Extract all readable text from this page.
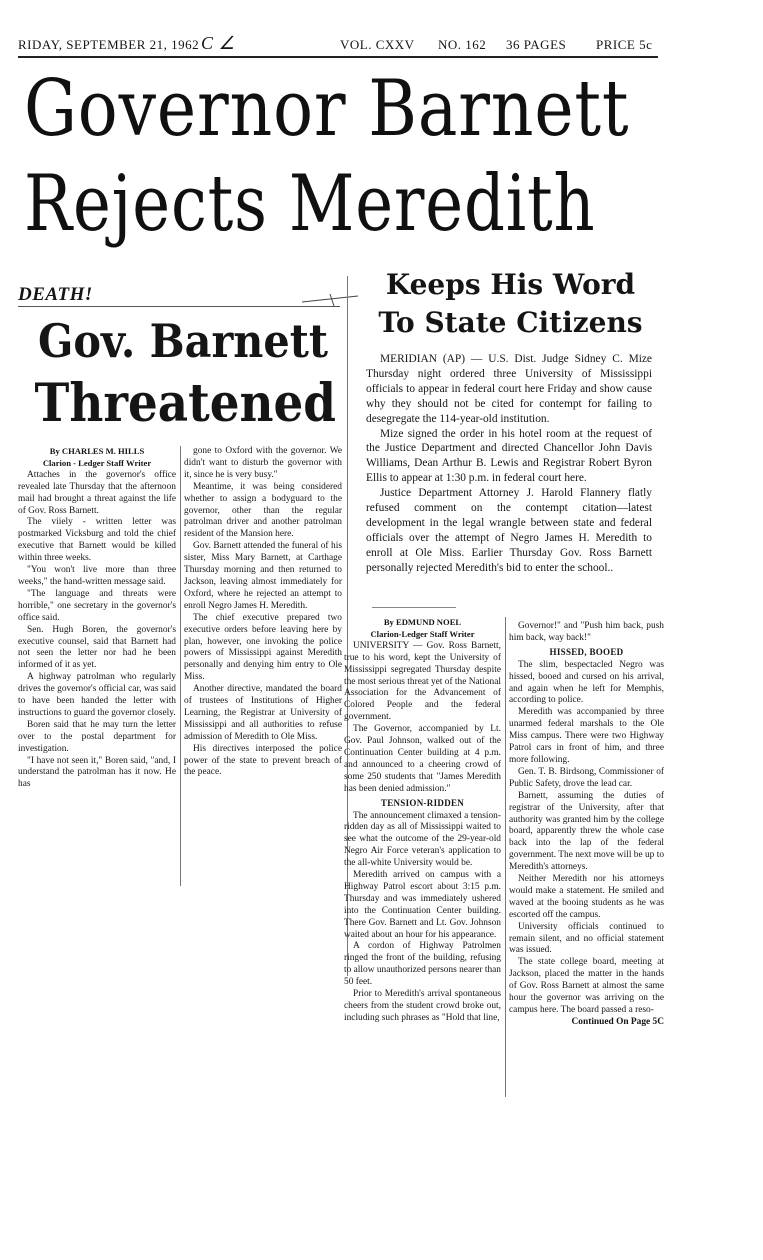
RIDAY, SEPTEMBER 21, 1962 C ∠	VOL. CXXV NO. 162 36 PAGES PRICE 5c
Governor Barnett
Rejects Meredith
DEATH!
Gov. Barnett
Threatened
By CHARLES M. HILLS
Clarion - Ledger Staff Writer

Attaches in the governor's office revealed late Thursday that the afternoon mail had brought a threat against the life of Gov. Ross Barnett.

The viiely - written letter was postmarked Vicksburg and told the chief executive that Barnett would be killed within three weeks.

"You won't live more than three weeks," the hand-written message said.

"The language and threats were horrible," one secretary in the governor's office said.

Sen. Hugh Boren, the governor's executive counsel, said that Barnett had not seen the letter nor had he been informed of it as yet.

A highway patrolman who regularly drives the governor's official car, was said to have been handed the letter with instructions to guard the governor closely.

Boren said that he may turn the letter over to the postal department for investigation.

"I have not seen it," Boren said, "and, I understand the patrolman has it now. He has

gone to Oxford with the governor. We didn't want to disturb the governor with it, since he is very busy."

Meantime, it was being considered whether to assign a bodyguard to the governor, other than the regular patrolman driver and another patrolman resident of the Mansion here.

Gov. Barnett attended the funeral of his sister, Miss Mary Barnett, at Carthage Thursday morning and then returned to Jackson, leaving almost immediately for Oxford, where he rejected an attempt to enroll Negro James H. Meredith.

The chief executive prepared two executive orders before leaving here by plan, however, one invoking the police powers of Mississippi against Meredith personally and denying him entry to Ole Miss.

Another directive, mandated the board of trustees of Institutions of Higher Learning, the Registrar at University of Mississippi and all authorities to refuse admission of Meredith to Ole Miss.

His directives interposed the police power of the state to prevent breach of the peace.

Keeps His Word
To State Citizens

MERIDIAN (AP) — U.S. Dist. Judge Sidney C. Mize Thursday night ordered three University of Mississippi officials to appear in federal court here Friday and show cause why they should not be cited for contempt for failing to desegregate the 114-year-old institution.

Mize signed the order in his hotel room at the request of the Justice Department and directed Chancellor John Davis Williams, Dean Arthur B. Lewis and Registrar Robert Byron Ellis to appear at 1:30 p.m. in federal court here.

Justice Department Attorney J. Harold Flannery flatly refused comment on the contempt citation—latest development in the legal wrangle between state and federal officials over the attempt of Negro James H. Meredith to enroll at Ole Miss. Earlier Thursday Gov. Ross Barnett personally rejected Meredith's bid to enter the school..

By EDMUND NOEL
Clarion-Ledger Staff Writer

UNIVERSITY — Gov. Ross Barnett, true to his word, kept the University of Mississippi segregated Thursday despite the most serious threat yet of the National Association for the Advancement of Colored People and the federal government.

The Governor, accompanied by Lt. Gov. Paul Johnson, walked out of the Continuation Center building at 4 p.m. and announced to a cheering crowd of some 250 students that "James Meredith has been denied admission."

TENSION-RIDDEN

The announcement climaxed a tension-ridden day as all of Mississippi waited to see what the outcome of the 29-year-old Negro Air Force veteran's application to the all-white University would be.

Meredith arrived on campus with a Highway Patrol escort about 3:15 p.m. Thursday and was immediately ushered into the Continuation Center building. There Gov. Barnett and Lt. Gov. Johnson waited about an hour for his appearance.

A cordon of Highway Patrolmen ringed the front of the building, refusing to allow unauthorized persons nearer than 50 feet.

Prior to Meredith's arrival spontaneous cheers from the student crowd broke out, including such phrases as "Hold that line,

Governor!" and "Push him back, push him back, way back!"

HISSED, BOOED

The slim, bespectacled Negro was hissed, booed and cursed on his arrival, and again when he left for Memphis, according to police.

Meredith was accompanied by three unarmed federal marshals to the Ole Miss campus. There were two Highway Patrol cars in front of him, and three more following.

Gen. T. B. Birdsong, Commissioner of Public Safety, drove the lead car.

Barnett, assuming the duties of registrar of the University, after that authority was granted him by the college board, apparently threw the whole case back into the lap of the federal government. The next move will be up to Meredith's attorneys.

Neither Meredith nor his attorneys would make a statement. He smiled and waved at the booing students as he was escorted off the campus.

University officials continued to remain silent, and no official statement was issued.

The state college board, meeting at Jackson, placed the matter in the hands of Gov. Ross Barnett at almost the same hour the governor was arriving on the campus here. The board passed a reso-

Continued On Page 5C
